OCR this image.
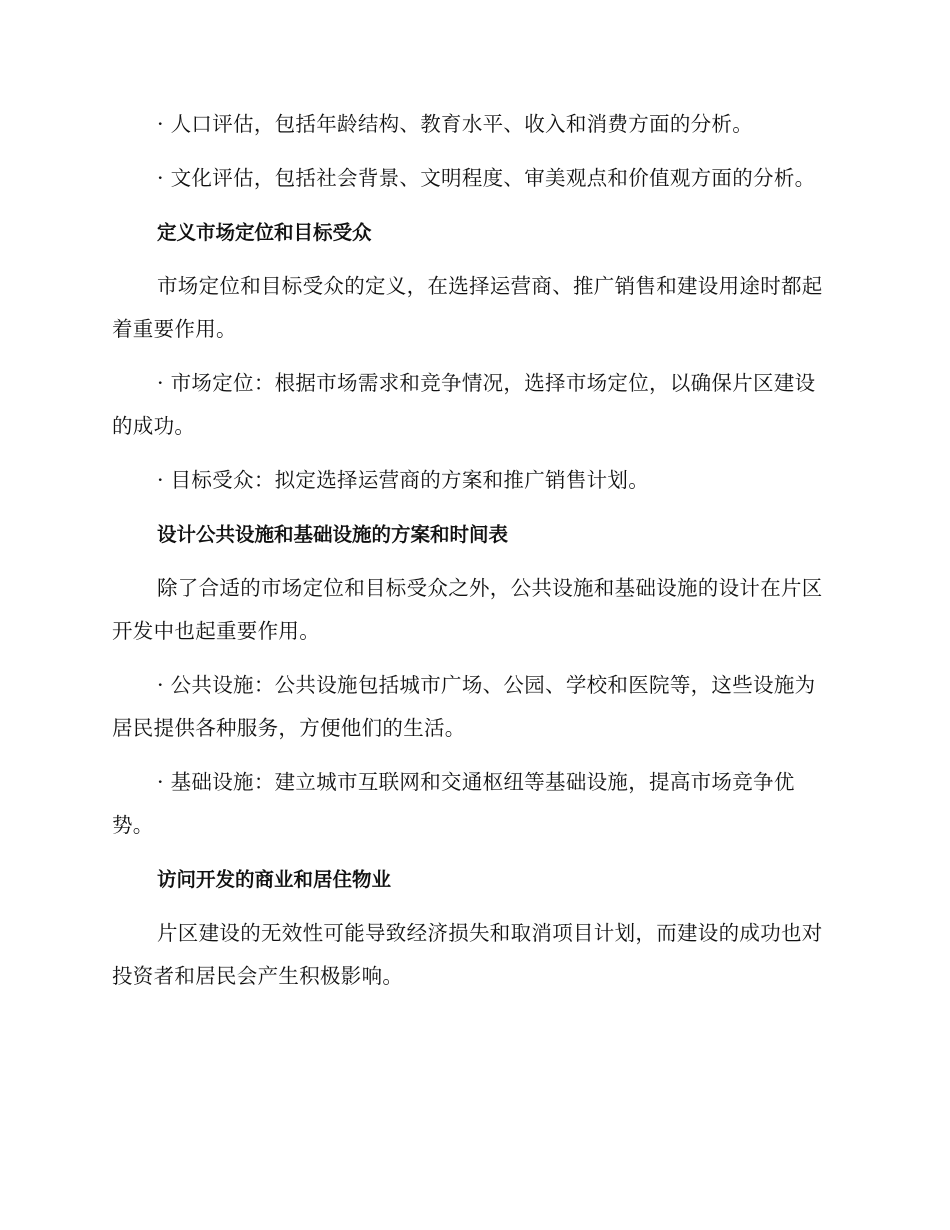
· 人口评估，包括年龄结构、教育水平、收入和消费方面的分析。

· 文化评估，包括社会背景、文明程度、审美观点和价值观方面的分析。

定义市场定位和目标受众

市场定位和目标受众的定义，在选择运营商、推广销售和建设用途时都起着重要作用。

· 市场定位：根据市场需求和竞争情况，选择市场定位，以确保片区建设的成功。

· 目标受众：拟定选择运营商的方案和推广销售计划。

设计公共设施和基础设施的方案和时间表

除了合适的市场定位和目标受众之外，公共设施和基础设施的设计在片区开发中也起重要作用。

· 公共设施：公共设施包括城市广场、公园、学校和医院等，这些设施为居民提供各种服务，方便他们的生活。

· 基础设施：建立城市互联网和交通枢纽等基础设施，提高市场竞争优势。

访问开发的商业和居住物业

片区建设的无效性可能导致经济损失和取消项目计划，而建设的成功也对投资者和居民会产生积极影响。
